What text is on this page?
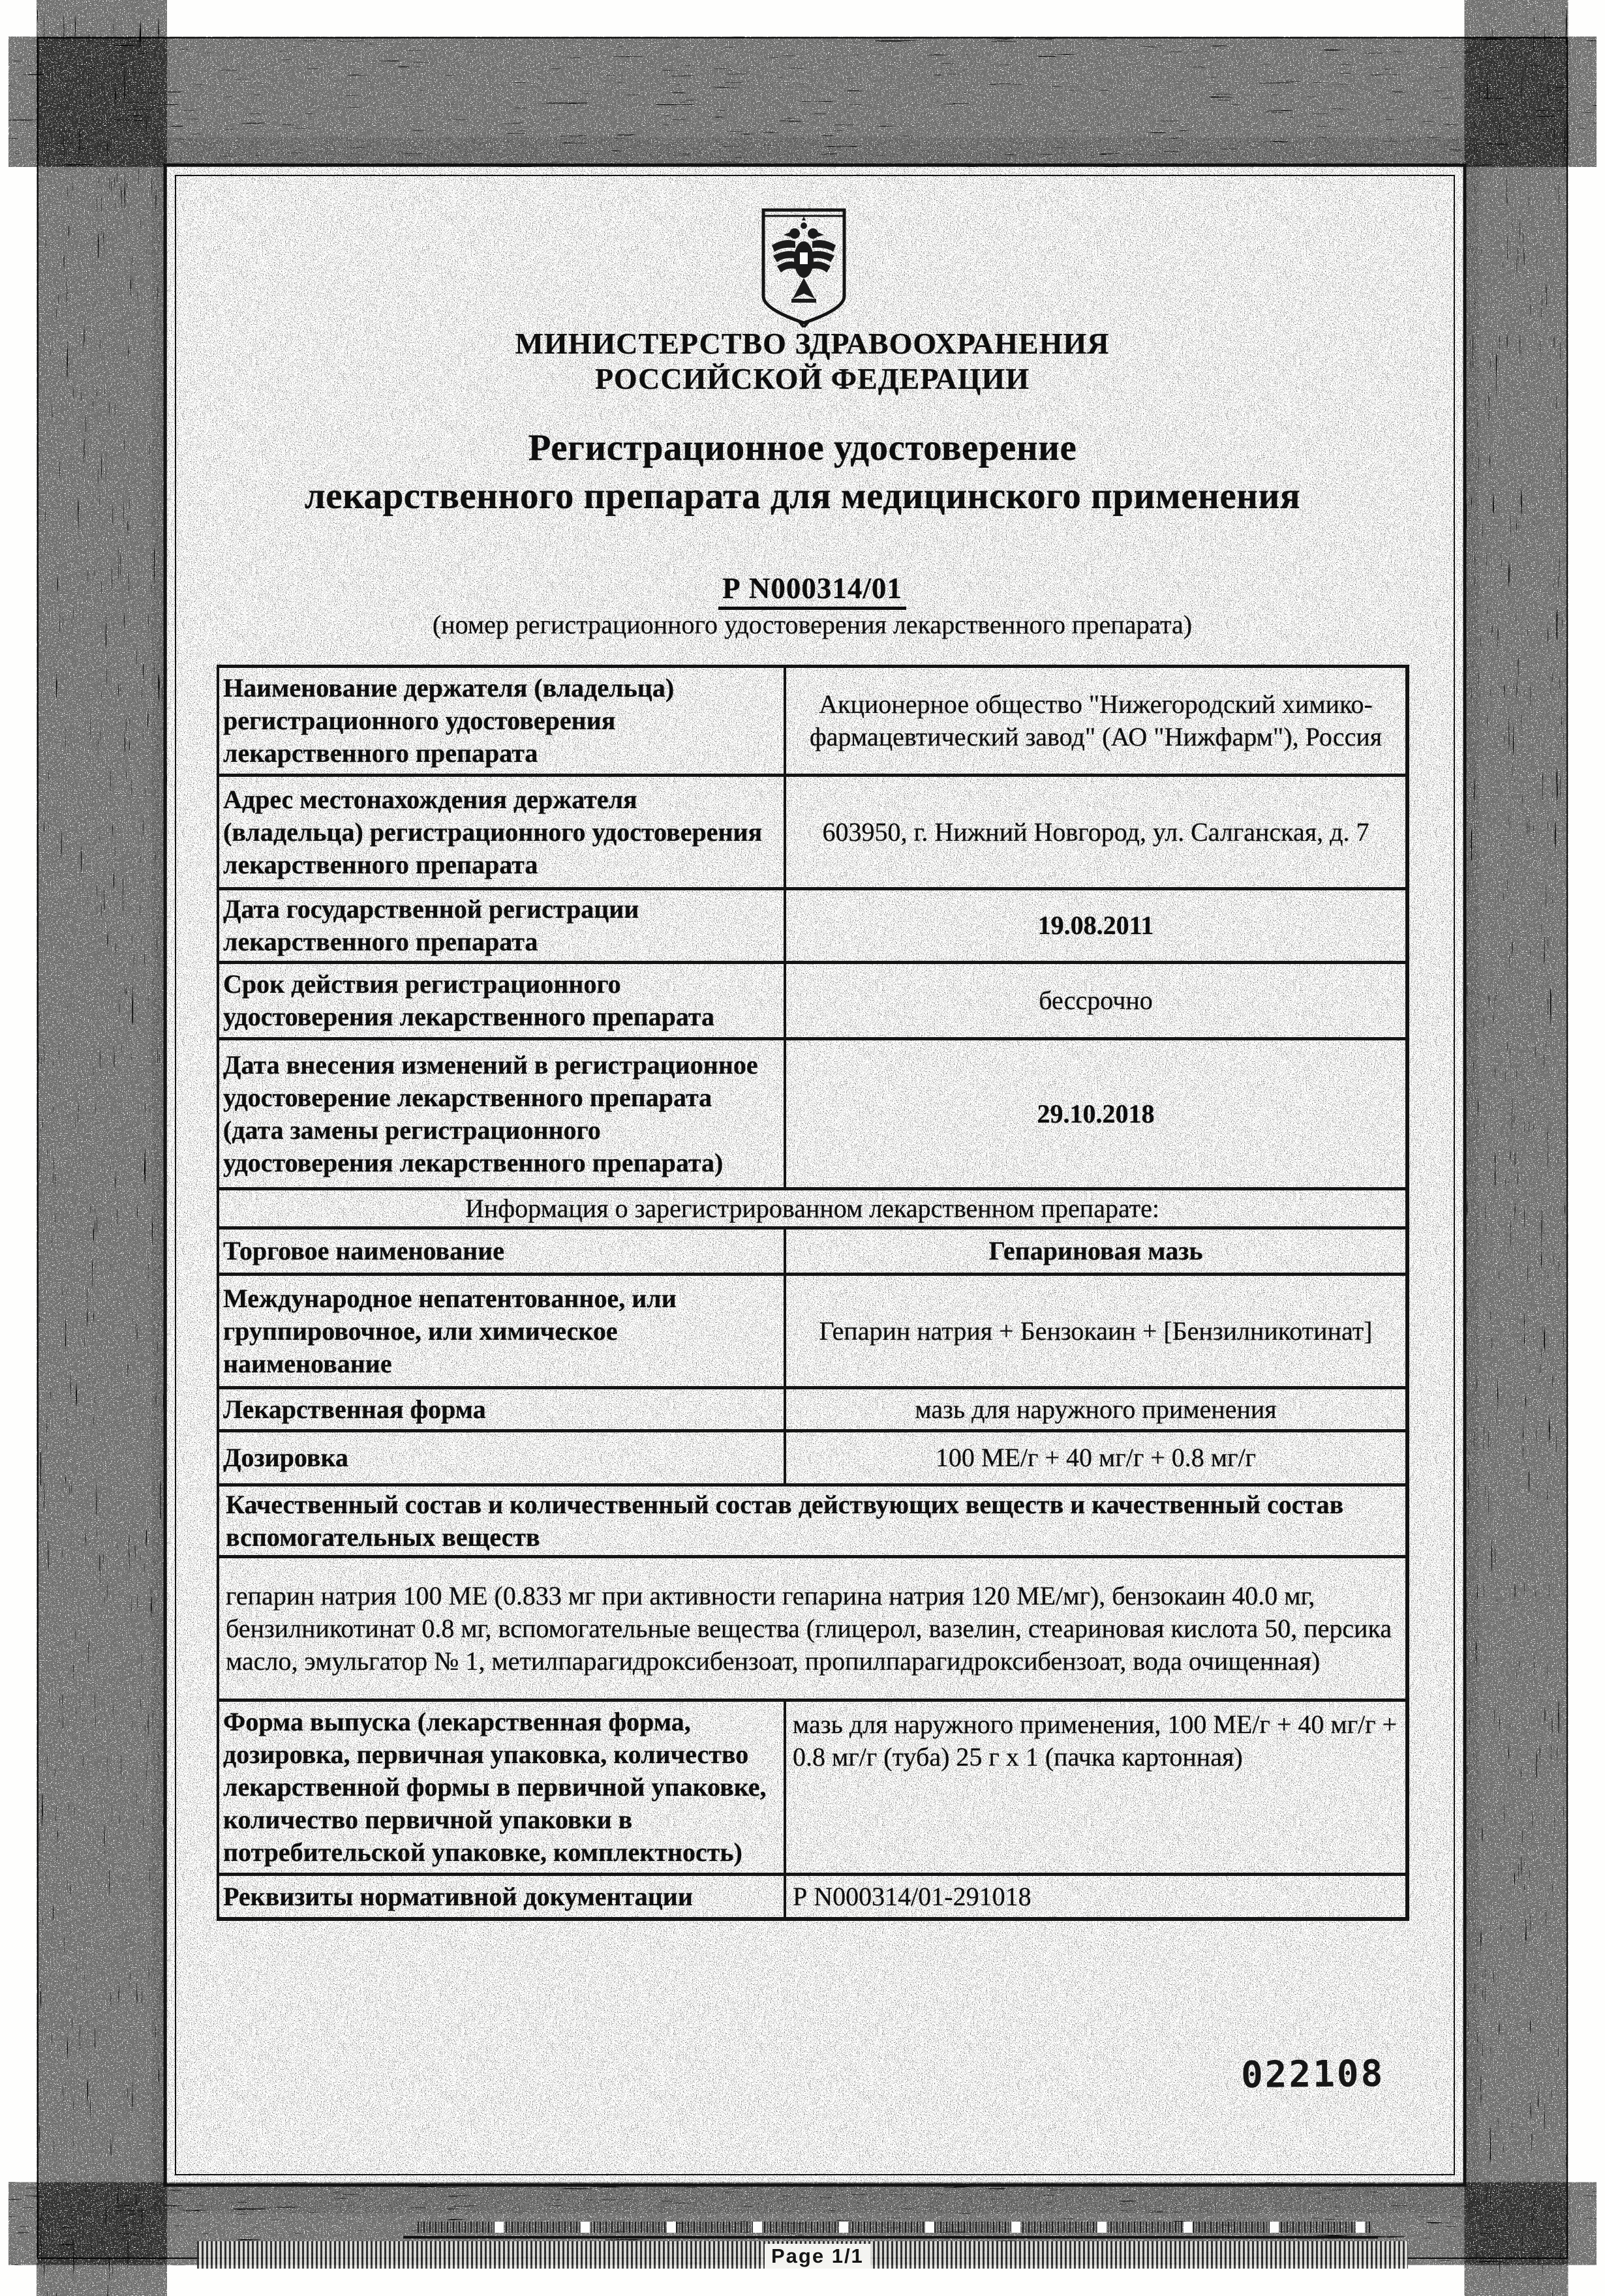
МИНИСТЕРСТВО ЗДРАВООХРАНЕНИЯ
РОССИЙСКОЙ ФЕДЕРАЦИИ
Регистрационное удостоверение
лекарственного препарата для медицинского применения
Р N000314/01
(номер регистрационного удостоверения лекарственного препарата)
Наименование держателя (владельца) регистрационного удостоверения лекарственного препарата
Акционерное общество "Нижегородский химико-фармацевтический завод" (АО "Нижфарм"), Россия
Адрес местонахождения держателя (владельца) регистрационного удостоверения лекарственного препарата
603950, г. Нижний Новгород, ул. Салганская, д. 7
Дата государственной регистрации лекарственного препарата
19.08.2011
Срок действия регистрационного удостоверения лекарственного препарата
бессрочно
Дата внесения изменений в регистрационное удостоверение лекарственного препарата (дата замены регистрационного удостоверения лекарственного препарата)
29.10.2018
Информация о зарегистрированном лекарственном препарате:
Торговое наименование	Гепариновая мазь
Международное непатентованное, или группировочное, или химическое наименование
Гепарин натрия + Бензокаин + [Бензилникотинат]
Лекарственная форма	мазь для наружного применения
Дозировка	100 МЕ/г + 40 мг/г + 0.8 мг/г
Качественный состав и количественный состав действующих веществ и качественный состав вспомогательных веществ
гепарин натрия 100 МЕ (0.833 мг при активности гепарина натрия 120 МЕ/мг), бензокаин 40.0 мг, бензилникотинат 0.8 мг, вспомогательные вещества (глицерол, вазелин, стеариновая кислота 50, персика масло, эмульгатор № 1, метилпарагидроксибензоат, пропилпарагидроксибензоат, вода очищенная)
Форма выпуска (лекарственная форма, дозировка, первичная упаковка, количество лекарственной формы в первичной упаковке, количество первичной упаковки в потребительской упаковке, комплектность)
мазь для наружного применения, 100 МЕ/г + 40 мг/г + 0.8 мг/г (туба) 25 г х 1 (пачка картонная)
Реквизиты нормативной документации	Р N000314/01-291018
022108
Page 1/1
